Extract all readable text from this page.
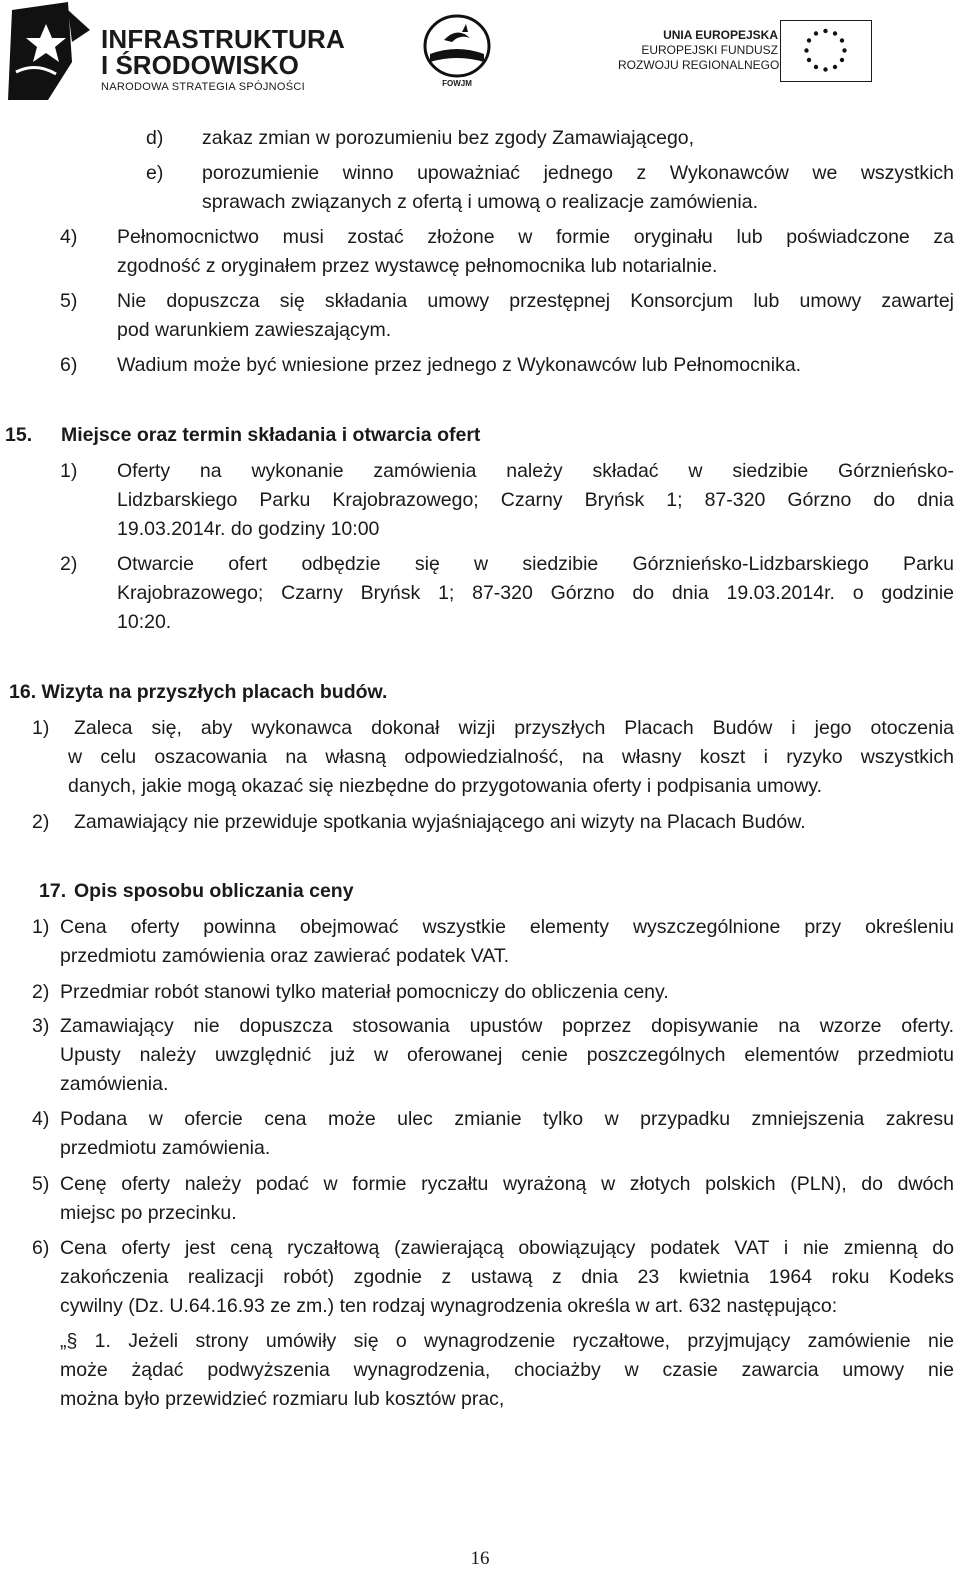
INFRASTRUKTURA
I ŚRODOWISKO
NARODOWA STRATEGIA SPÓJNOŚCI	FOWJM
UNIA EUROPEJSKA
EUROPEJSKI FUNDUSZ
ROZWOJU REGIONALNEGO
d) zakaz zmian w porozumieniu bez zgody Zamawiającego,
e) porozumienie winno upoważniać jednego z Wykonawców we wszystkich
sprawach związanych z ofertą i umową o realizacje zamówienia.
4) Pełnomocnictwo musi zostać złożone w formie oryginału lub poświadczone za
zgodność z oryginałem przez wystawcę pełnomocnika lub notarialnie.
5) Nie dopuszcza się składania umowy przestępnej Konsorcjum lub umowy zawartej
pod warunkiem zawieszającym.
6) Wadium może być wniesione przez jednego z Wykonawców lub Pełnomocnika.
15. Miejsce oraz termin składania i otwarcia ofert
1) Oferty na wykonanie zamówienia należy składać w siedzibie Górznieńsko-
Lidzbarskiego Parku Krajobrazowego; Czarny Bryńsk 1; 87-320 Górzno do dnia
19.03.2014r. do godziny 10:00
2) Otwarcie ofert odbędzie się w siedzibie Górznieńsko-Lidzbarskiego Parku
Krajobrazowego; Czarny Bryńsk 1; 87-320 Górzno do dnia 19.03.2014r. o godzinie
10:20.
16. Wizyta na przyszłych placach budów.
1) Zaleca się, aby wykonawca dokonał wizji przyszłych Placach Budów i jego otoczenia
w celu oszacowania na własną odpowiedzialność, na własny koszt i ryzyko wszystkich
danych, jakie mogą okazać się niezbędne do przygotowania oferty i podpisania umowy.
2) Zamawiający nie przewiduje spotkania wyjaśniającego ani wizyty na Placach Budów.
17. Opis sposobu obliczania ceny
1) Cena oferty powinna obejmować wszystkie elementy wyszczególnione przy określeniu
przedmiotu zamówienia oraz zawierać podatek VAT.
2) Przedmiar robót stanowi tylko materiał pomocniczy do obliczenia ceny.
3) Zamawiający nie dopuszcza stosowania upustów poprzez dopisywanie na wzorze oferty.
Upusty należy uwzględnić już w oferowanej cenie poszczególnych elementów przedmiotu
zamówienia.
4) Podana w ofercie cena może ulec zmianie tylko w przypadku zmniejszenia zakresu
przedmiotu zamówienia.
5) Cenę oferty należy podać w formie ryczałtu wyrażoną w złotych polskich (PLN), do dwóch
miejsc po przecinku.
6) Cena oferty jest ceną ryczałtową (zawierającą obowiązujący podatek VAT i nie zmienną do
zakończenia realizacji robót) zgodnie z ustawą z dnia 23 kwietnia 1964 roku Kodeks
cywilny (Dz. U.64.16.93 ze zm.) ten rodzaj wynagrodzenia określa w art. 632 następująco:
„§ 1. Jeżeli strony umówiły się o wynagrodzenie ryczałtowe, przyjmujący zamówienie nie
może żądać podwyższenia wynagrodzenia, chociażby w czasie zawarcia umowy nie
można było przewidzieć rozmiaru lub kosztów prac,
16
